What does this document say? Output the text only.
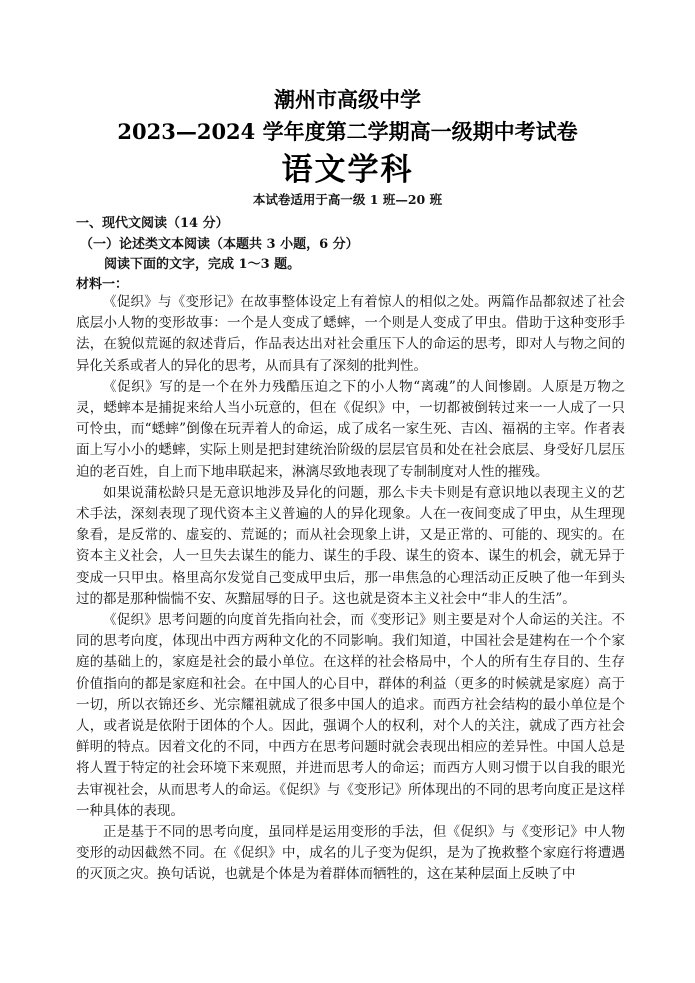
潮州市高级中学
2023—2024 学年度第二学期高一级期中考试卷
语文学科
本试卷适用于高一级 1 班—20 班
一、现代文阅读（14 分）
（一）论述类文本阅读（本题共 3 小题，6 分）
阅读下面的文字，完成 1～3 题。
材料一：

《促织》与《变形记》在故事整体设定上有着惊人的相似之处。两篇作品都叙述了社会底层小人物的变形故事：一个是人变成了蟋蟀，一个则是人变成了甲虫。借助于这种变形手法，在貌似荒诞的叙述背后，作品表达出对社会重压下人的命运的思考，即对人与物之间的异化关系或者人的异化的思考，从而具有了深刻的批判性。

《促织》写的是一个在外力残酷压迫之下的小人物“离魂”的人间惨剧。人原是万物之灵，蟋蟀本是捕捉来给人当小玩意的，但在《促织》中，一切都被倒转过来一一人成了一只可怜虫，而“蟋蟀”倒像在玩弄着人的命运，成了成名一家生死、吉凶、福祸的主宰。作者表面上写小小的蟋蟀，实际上则是把封建统治阶级的层层官员和处在社会底层、身受好几层压迫的老百姓，自上而下地串联起来，淋漓尽致地表现了专制制度对人性的摧残。

如果说蒲松龄只是无意识地涉及异化的问题，那么卡夫卡则是有意识地以表现主义的艺术手法，深刻表现了现代资本主义普遍的人的异化现象。人在一夜间变成了甲虫，从生理现象看，是反常的、虚妄的、荒诞的；而从社会现象上讲，又是正常的、可能的、现实的。在资本主义社会，人一旦失去谋生的能力、谋生的手段、谋生的资本、谋生的机会，就无异于变成一只甲虫。格里高尔发觉自己变成甲虫后，那一串焦急的心理活动正反映了他一年到头过的都是那种惴惴不安、灰黯屈辱的日子。这也就是资本主义社会中“非人的生活”。

《促织》思考问题的向度首先指向社会，而《变形记》则主要是对个人命运的关注。不同的思考向度，体现出中西方两种文化的不同影响。我们知道，中国社会是建构在一个个家庭的基础上的，家庭是社会的最小单位。在这样的社会格局中，个人的所有生存目的、生存价值指向的都是家庭和社会。在中国人的心目中，群体的利益（更多的时候就是家庭）高于一切，所以衣锦还乡、光宗耀祖就成了很多中国人的追求。而西方社会结构的最小单位是个人，或者说是依附于团体的个人。因此，强调个人的权利，对个人的关注，就成了西方社会鲜明的特点。因着文化的不同，中西方在思考问题时就会表现出相应的差异性。中国人总是将人置于特定的社会环境下来观照，并进而思考人的命运；而西方人则习惯于以自我的眼光去审视社会，从而思考人的命运。《促织》与《变形记》所体现出的不同的思考向度正是这样一种具体的表现。

正是基于不同的思考向度，虽同样是运用变形的手法，但《促织》与《变形记》中人物变形的动因截然不同。在《促织》中，成名的儿子变为促织，是为了挽救整个家庭行将遭遇的灭顶之灾。换句话说，也就是个体是为着群体而牺牲的，这在某种层面上反映了中
